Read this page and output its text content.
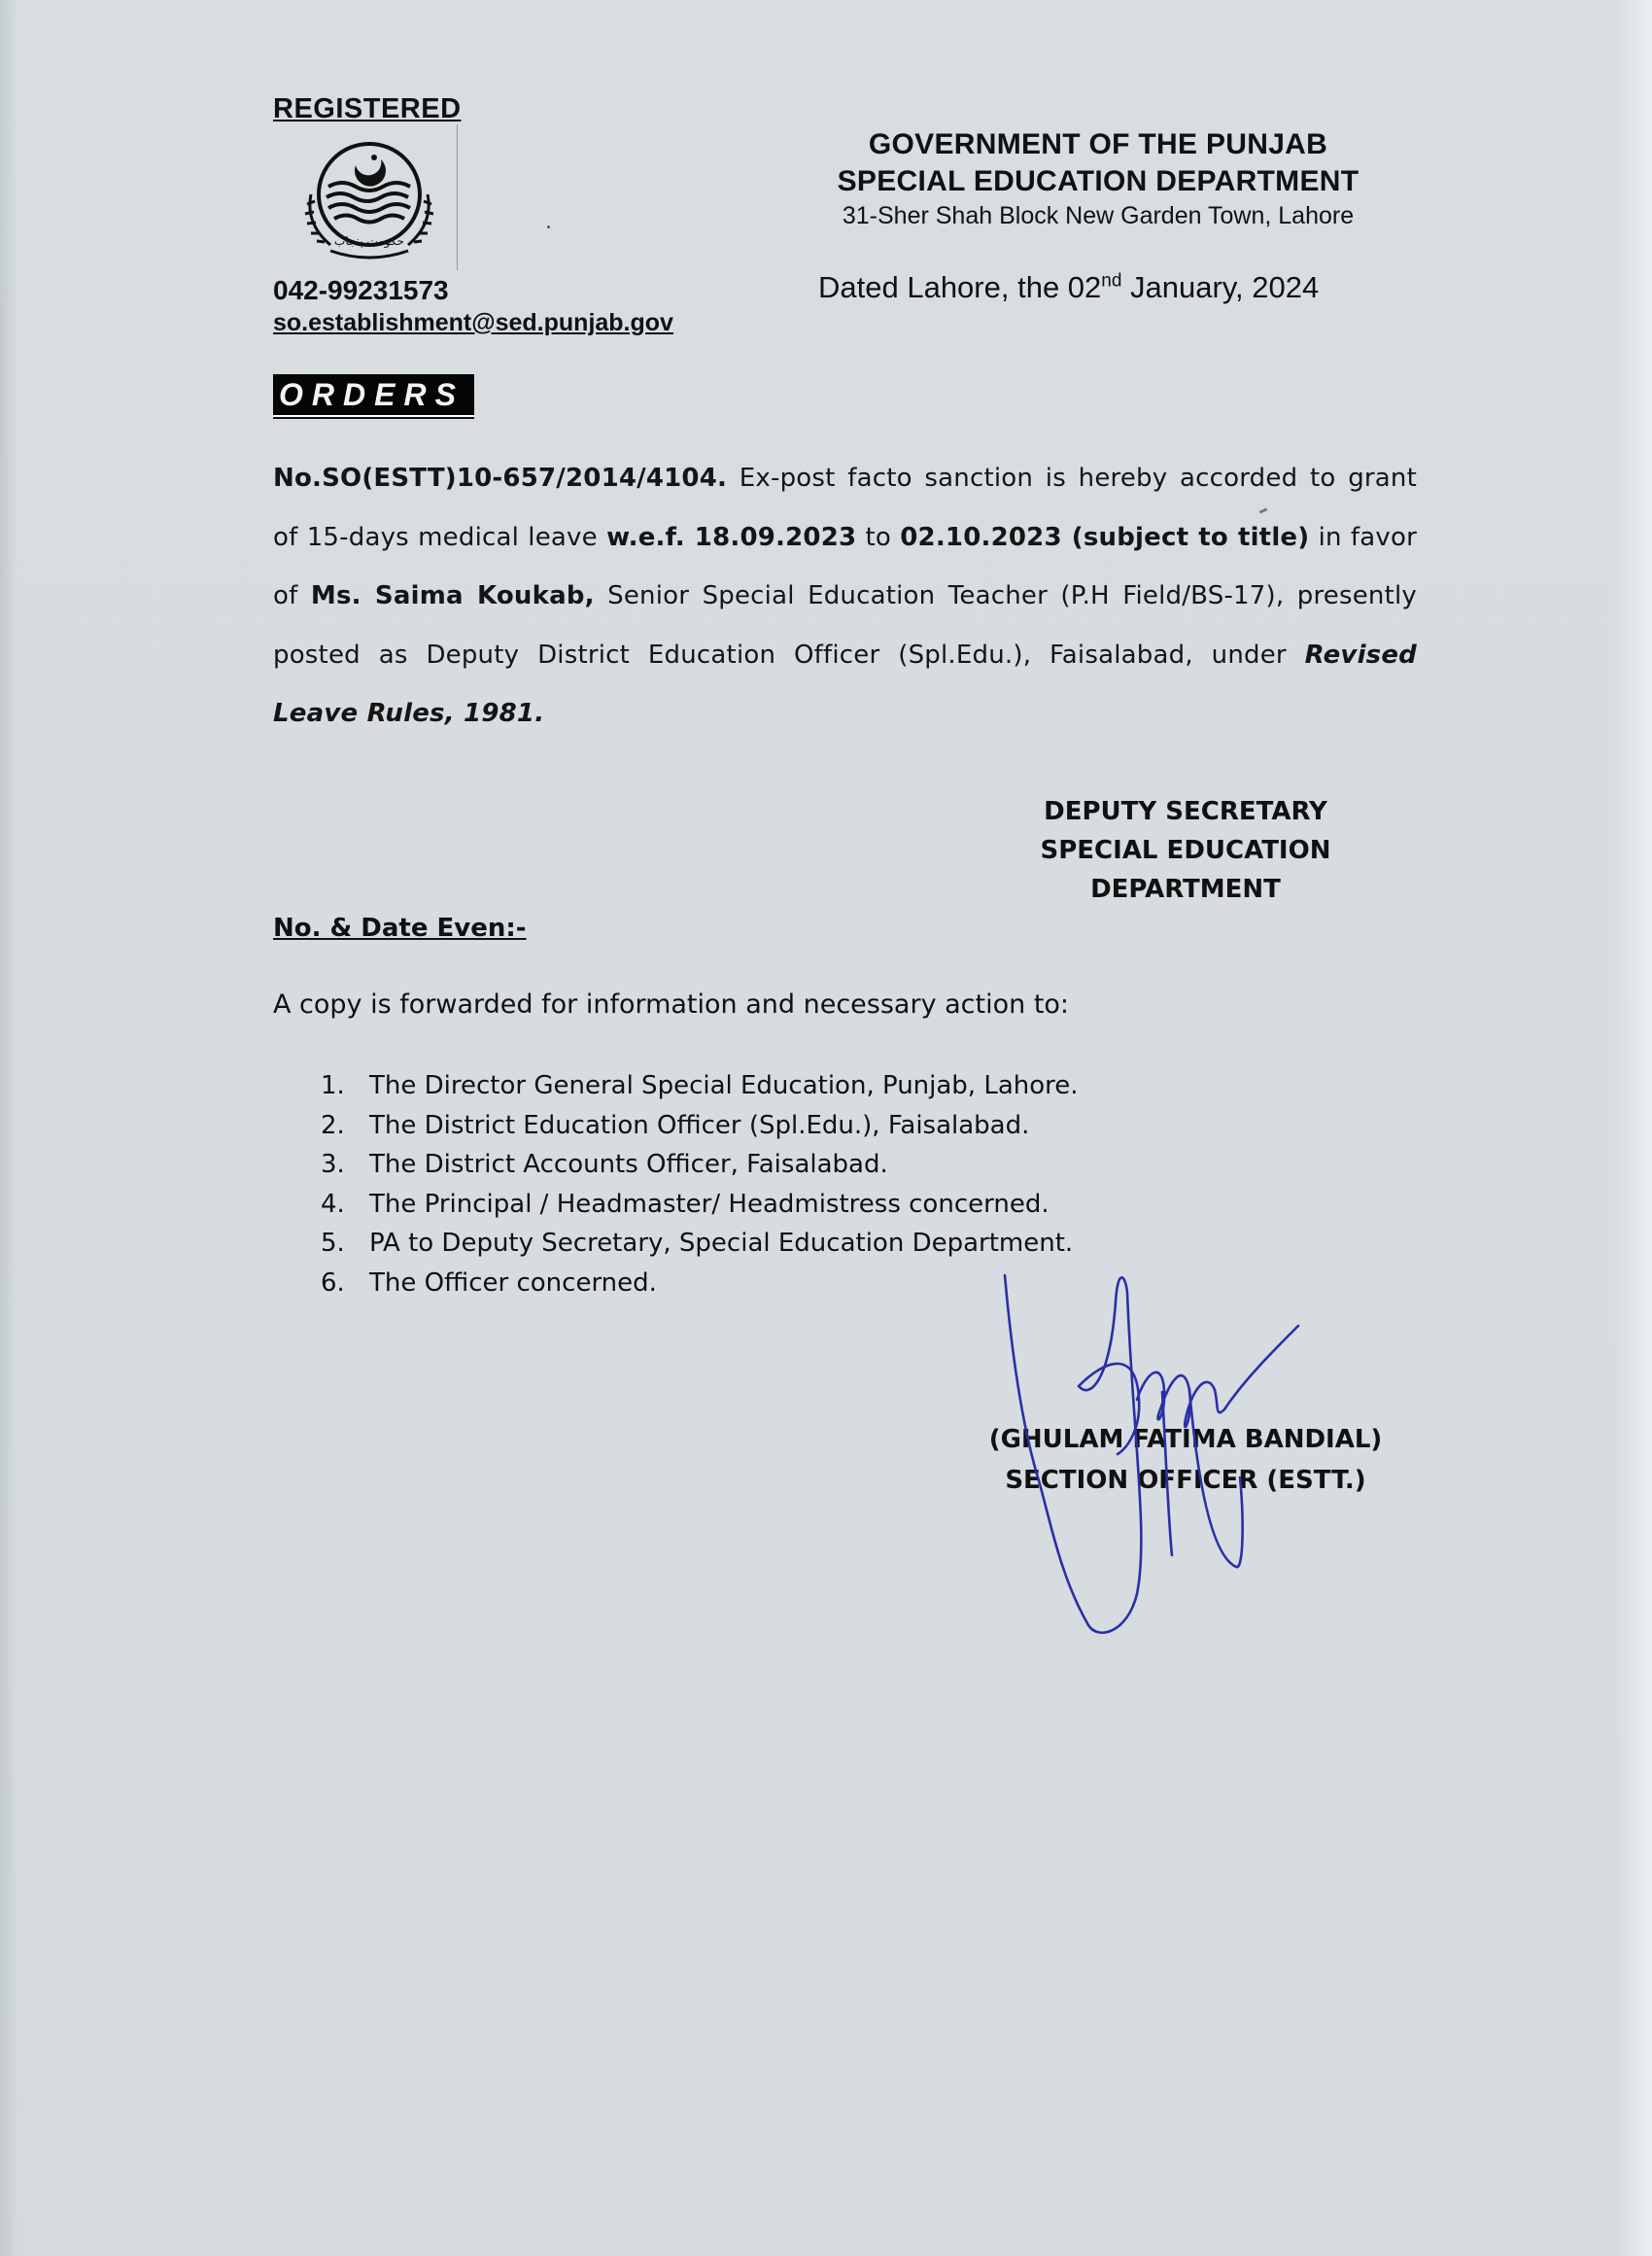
REGISTERED
حکومت پنجاب
042-99231573
so.establishment@sed.punjab.gov
GOVERNMENT OF THE PUNJAB
SPECIAL EDUCATION DEPARTMENT
31-Sher Shah Block New Garden Town, Lahore
Dated Lahore, the 02nd January, 2024
ORDERS
No.SO(ESTT)10-657/2014/4104. Ex-post facto sanction is hereby accorded to grant of 15-days medical leave w.e.f. 18.09.2023 to 02.10.2023 (subject to title) in favor of Ms. Saima Koukab, Senior Special Education Teacher (P.H Field/BS-17), presently posted as Deputy District Education Officer (Spl.Edu.), Faisalabad, under Revised Leave Rules, 1981.
DEPUTY SECRETARY
SPECIAL EDUCATION
DEPARTMENT
No. & Date Even:-
A copy is forwarded for information and necessary action to:
1. The Director General Special Education, Punjab, Lahore.
2. The District Education Officer (Spl.Edu.), Faisalabad.
3. The District Accounts Officer, Faisalabad.
4. The Principal / Headmaster/ Headmistress concerned.
5. PA to Deputy Secretary, Special Education Department.
6. The Officer concerned.
(GHULAM FATIMA BANDIAL)
SECTION OFFICER (ESTT.)
